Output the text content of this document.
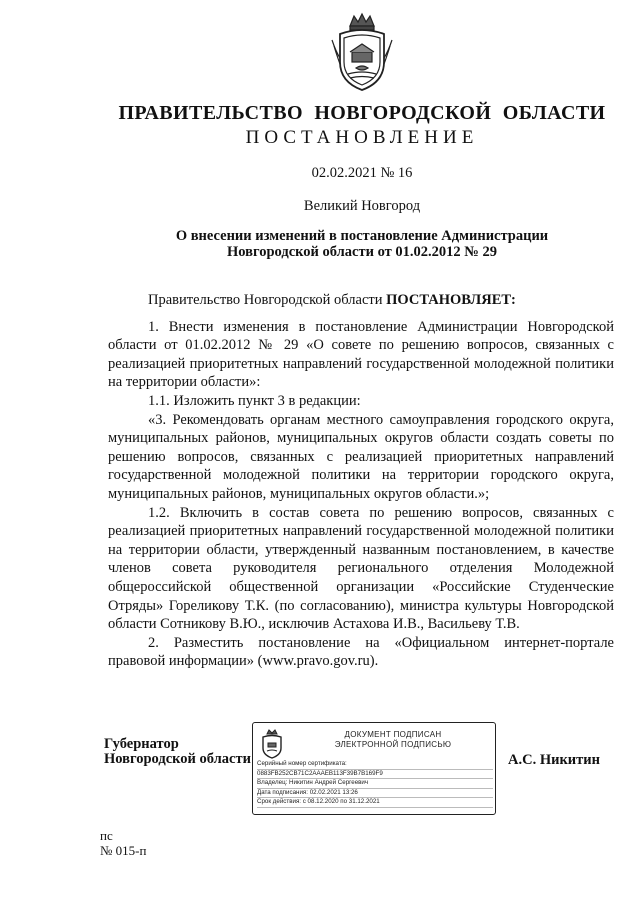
ПРАВИТЕЛЬСТВО НОВГОРОДСКОЙ ОБЛАСТИ
ПОСТАНОВЛЕНИЕ
02.02.2021 № 16
Великий Новгород
О внесении изменений в постановление Администрации
Новгородской области от 01.02.2012 № 29

Правительство Новгородской области ПОСТАНОВЛЯЕТ:

1. Внести изменения в постановление Администрации Новгородской области от 01.02.2012 № 29 «О совете по решению вопросов, связанных с реализацией приоритетных направлений государственной молодежной политики на территории области»:

1.1. Изложить пункт 3 в редакции:

«3. Рекомендовать органам местного самоуправления городского округа, муниципальных районов, муниципальных округов области создать советы по решению вопросов, связанных с реализацией приоритетных направлений государственной молодежной политики на территории городского округа, муниципальных районов, муниципальных округов области.»;

1.2. Включить в состав совета по решению вопросов, связанных с реализацией приоритетных направлений государственной молодежной политики на территории области, утвержденный названным постановлением, в качестве членов совета руководителя регионального отделения Молодежной общероссийской общественной организации «Российские Студенческие Отряды» Гореликову Т.К. (по согласованию), министра культуры Новгородской области Сотникову В.Ю., исключив Астахова И.В., Васильеву Т.В.

2. Разместить постановление на «Официальном интернет-портале правовой информации» (www.pravo.gov.ru).

Губернатор
Новгородской области
ДОКУМЕНТ ПОДПИСАН
ЭЛЕКТРОННОЙ ПОДПИСЬЮ
Серийный номер сертификата:
0883FB252CB71C2AAAEB113F39B7B169F9
Владелец: Никитин Андрей Сергеевич
Дата подписания: 02.02.2021 13:26
Срок действия: с 08.12.2020 по 31.12.2021
А.С. Никитин
пс
№ 015-п
